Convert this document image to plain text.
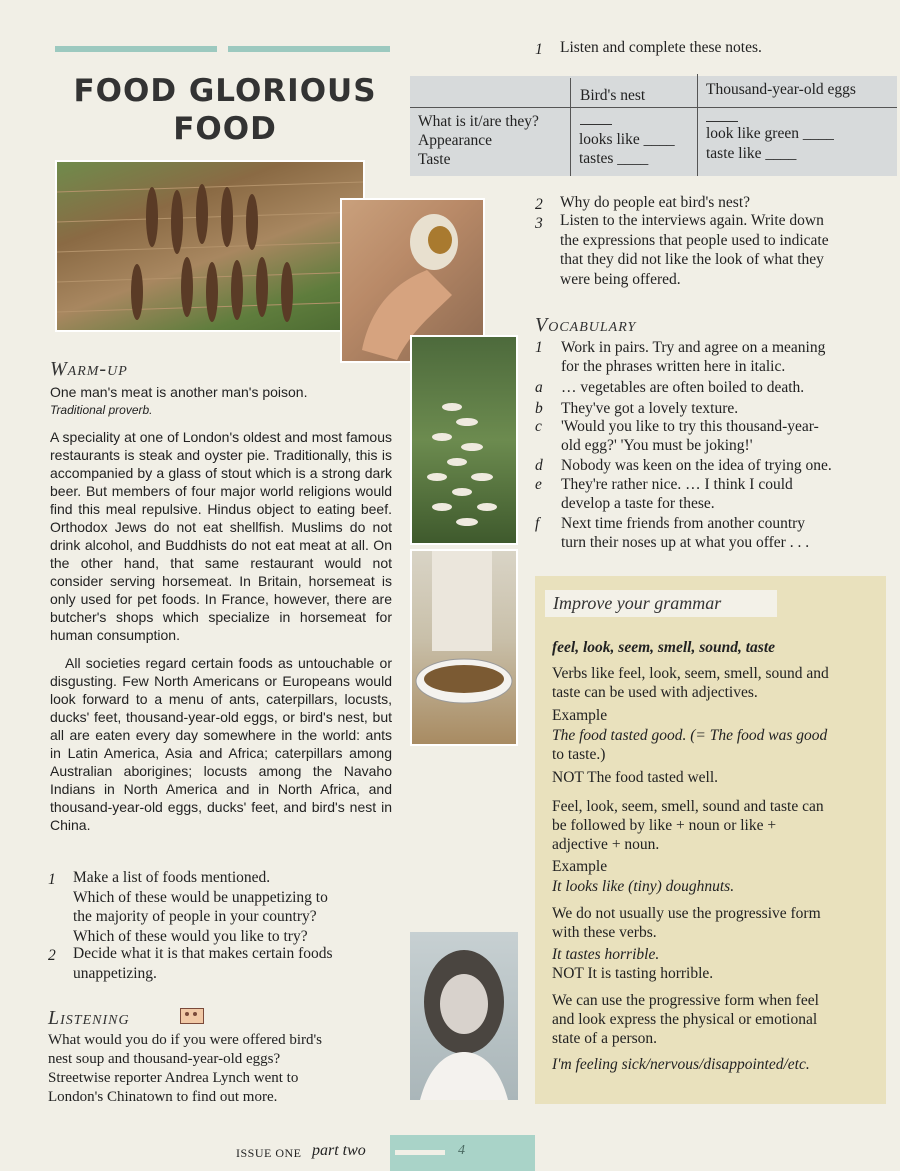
FOOD GLORIOUS
FOOD
Warm-up
One man's meat is another man's poison.
Traditional proverb.
A speciality at one of London's oldest and most famous restaurants is steak and oyster pie. Traditionally, this is accompanied by a glass of stout which is a strong dark beer. But members of four major world religions would find this meal repulsive. Hindus object to eating beef. Orthodox Jews do not eat shellfish. Muslims do not drink alcohol, and Buddhists do not eat meat at all. On the other hand, that same restaurant would not consider serving horsemeat. In Britain, horsemeat is only used for pet foods. In France, however, there are butcher's shops which specialize in horsemeat for human consumption.
All societies regard certain foods as untouchable or disgusting. Few North Americans or Europeans would look forward to a menu of ants, caterpillars, locusts, ducks' feet, thousand-year-old eggs, or bird's nest, but all are eaten every day somewhere in the world: ants in Latin America, Asia and Africa; caterpillars among Australian aborigines; locusts among the Navaho Indians in North America and in North Africa, and thousand-year-old eggs, ducks' feet, and bird's nest in China.
1 Make a list of foods mentioned.
Which of these would be unappetizing to
the majority of people in your country?
Which of these would you like to try?
2 Decide what it is that makes certain foods
unappetizing.
Listening
What would you do if you were offered bird's
nest soup and thousand-year-old eggs?
Streetwise reporter Andrea Lynch went to
London's Chinatown to find out more.
1 Listen and complete these notes.
Bird's nest	Thousand-year-old eggs
What is it/are they?
Appearance
Taste
looks like ____
tastes ____
look like green ____
taste like ____
2 Why do people eat bird's nest?
3 Listen to the interviews again. Write down
the expressions that people used to indicate
that they did not like the look of what they
were being offered.
Vocabulary
1 Work in pairs. Try and agree on a meaning
for the phrases written here in italic.
a … vegetables are often boiled to death.
b They've got a lovely texture.
c 'Would you like to try this thousand-year-
old egg?' 'You must be joking!'
d Nobody was keen on the idea of trying one.
e They're rather nice. … I think I could
develop a taste for these.
f Next time friends from another country
turn their noses up at what you offer . . .
Improve your grammar
feel, look, seem, smell, sound, taste
Verbs like feel, look, seem, smell, sound and
taste can be used with adjectives.
Example
The food tasted good. (= The food was good
to taste.)
NOT The food tasted well.
Feel, look, seem, smell, sound and taste can
be followed by like + noun or like +
adjective + noun.
Example
It looks like (tiny) doughnuts.
We do not usually use the progressive form
with these verbs.
It tastes horrible.
NOT It is tasting horrible.
We can use the progressive form when feel
and look express the physical or emotional
state of a person.
I'm feeling sick/nervous/disappointed/etc.
ISSUE ONE part two	4
